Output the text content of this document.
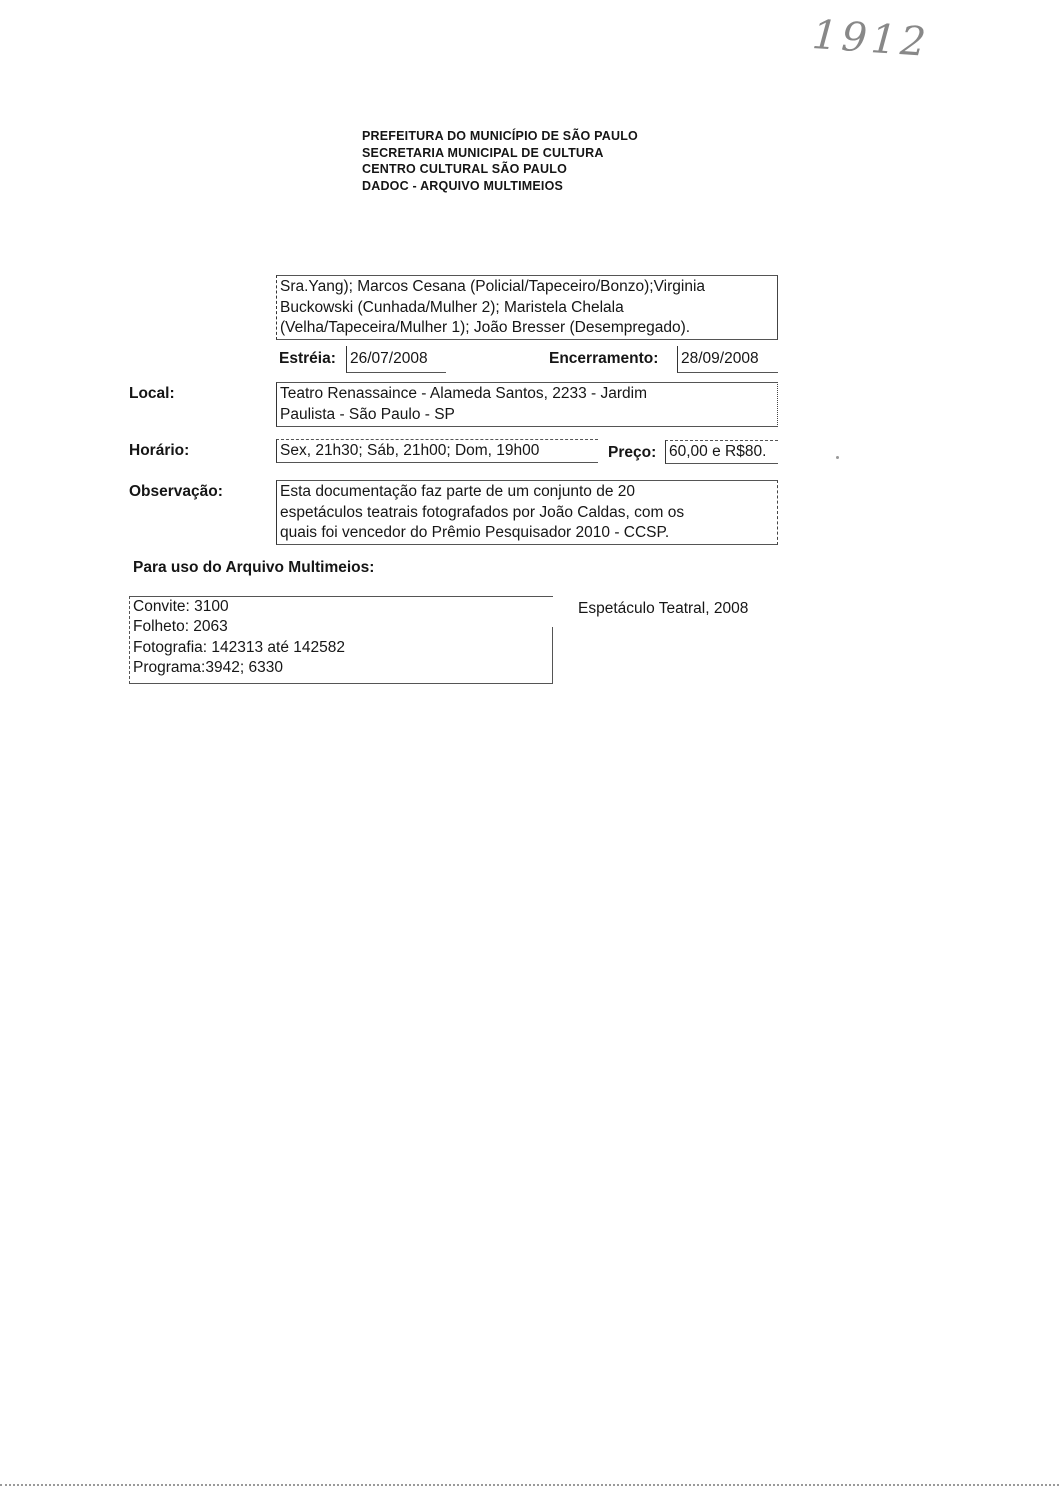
1912
PREFEITURA DO MUNICÍPIO DE SÃO PAULO
SECRETARIA MUNICIPAL DE CULTURA
CENTRO CULTURAL SÃO PAULO
DADOC - ARQUIVO MULTIMEIOS
Sra.Yang); Marcos Cesana (Policial/Tapeceiro/Bonzo);Virginia
Buckowski (Cunhada/Mulher 2); Maristela Chelala
(Velha/Tapeceira/Mulher 1); João Bresser (Desempregado).
Estréia: 26/07/2008	Encerramento: 28/09/2008
Local:	Teatro Renassaince - Alameda Santos, 2233 - Jardim
Paulista - São Paulo - SP
Horário:	Sex, 21h30; Sáb, 21h00; Dom, 19h00	Preço: 60,00 e R$80.
Observação:	Esta documentação faz parte de um conjunto de 20
espetáculos teatrais fotografados por João Caldas, com os
quais foi vencedor do Prêmio Pesquisador 2010 - CCSP.
Para uso do Arquivo Multimeios:
Convite: 3100
Folheto: 2063
Fotografia: 142313 até 142582
Programa:3942; 6330
Espetáculo Teatral, 2008
